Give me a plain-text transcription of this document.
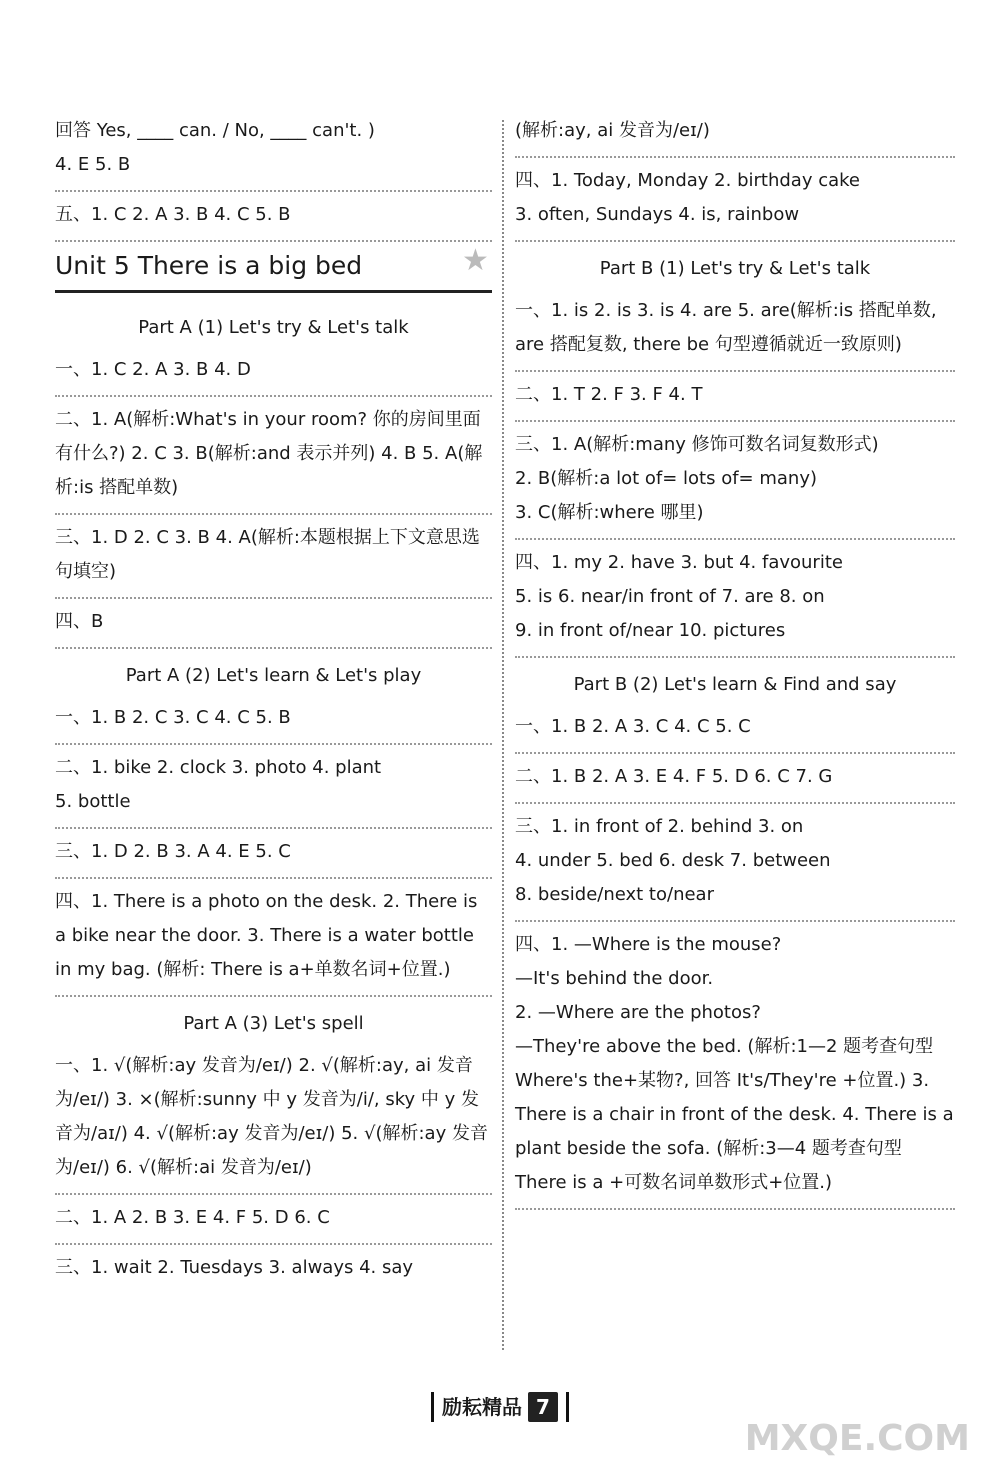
回答 Yes, ____ can. / No, ____ can't. )
4. E 5. B
五、1. C 2. A 3. B 4. C 5. B
Unit 5 There is a big bed	★
Part A (1) Let's try & Let's talk
一、1. C 2. A 3. B 4. D
二、1. A(解析:What's in your room? 你的房间里面有什么?) 2. C 3. B(解析:and 表示并列) 4. B 5. A(解析:is 搭配单数)
三、1. D 2. C 3. B 4. A(解析:本题根据上下文意思选句填空)
四、B
Part A (2) Let's learn & Let's play
一、1. B 2. C 3. C 4. C 5. B
二、1. bike 2. clock 3. photo 4. plant
5. bottle
三、1. D 2. B 3. A 4. E 5. C
四、1. There is a photo on the desk. 2. There is a bike near the door. 3. There is a water bottle in my bag. (解析: There is a+单数名词+位置.)
Part A (3) Let's spell
一、1. √(解析:ay 发音为/eɪ/) 2. √(解析:ay, ai 发音为/eɪ/) 3. ×(解析:sunny 中 y 发音为/i/, sky 中 y 发音为/aɪ/) 4. √(解析:ay 发音为/eɪ/) 5. √(解析:ay 发音为/eɪ/) 6. √(解析:ai 发音为/eɪ/)
二、1. A 2. B 3. E 4. F 5. D 6. C
三、1. wait 2. Tuesdays 3. always 4. say
(解析:ay, ai 发音为/eɪ/)
四、1. Today, Monday 2. birthday cake
3. often, Sundays 4. is, rainbow
Part B (1) Let's try & Let's talk
一、1. is 2. is 3. is 4. are 5. are(解析:is 搭配单数, are 搭配复数, there be 句型遵循就近一致原则)
二、1. T 2. F 3. F 4. T
三、1. A(解析:many 修饰可数名词复数形式)
2. B(解析:a lot of= lots of= many)
3. C(解析:where 哪里)
四、1. my 2. have 3. but 4. favourite
5. is 6. near/in front of 7. are 8. on
9. in front of/near 10. pictures
Part B (2) Let's learn & Find and say
一、1. B 2. A 3. C 4. C 5. C
二、1. B 2. A 3. E 4. F 5. D 6. C 7. G
三、1. in front of 2. behind 3. on
4. under 5. bed 6. desk 7. between
8. beside/next to/near
四、1. —Where is the mouse?
—It's behind the door.
2. —Where are the photos?
—They're above the bed. (解析:1—2 题考查句型 Where's the+某物?, 回答 It's/They're +位置.) 3. There is a chair in front of the desk. 4. There is a plant beside the sofa. (解析:3—4 题考查句型 There is a +可数名词单数形式+位置.)
励耘精品 7
MXQE.COM
